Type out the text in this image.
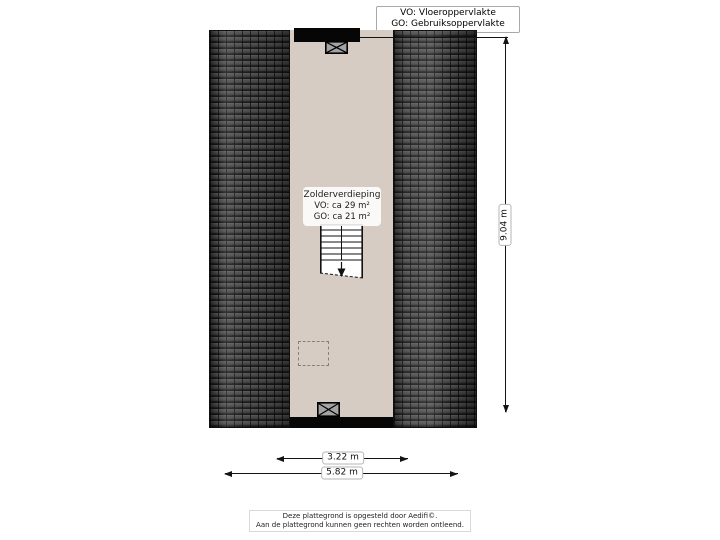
VO: Vloeroppervlakte
GO: Gebruiksoppervlakte
Zolderverdieping
VO: ca 29 m²
GO: ca 21 m²	9.04 m
3.22 m
5.82 m
Deze plattegrond is opgesteld door Aedifi©.
Aan de plattegrond kunnen geen rechten worden ontleend.
